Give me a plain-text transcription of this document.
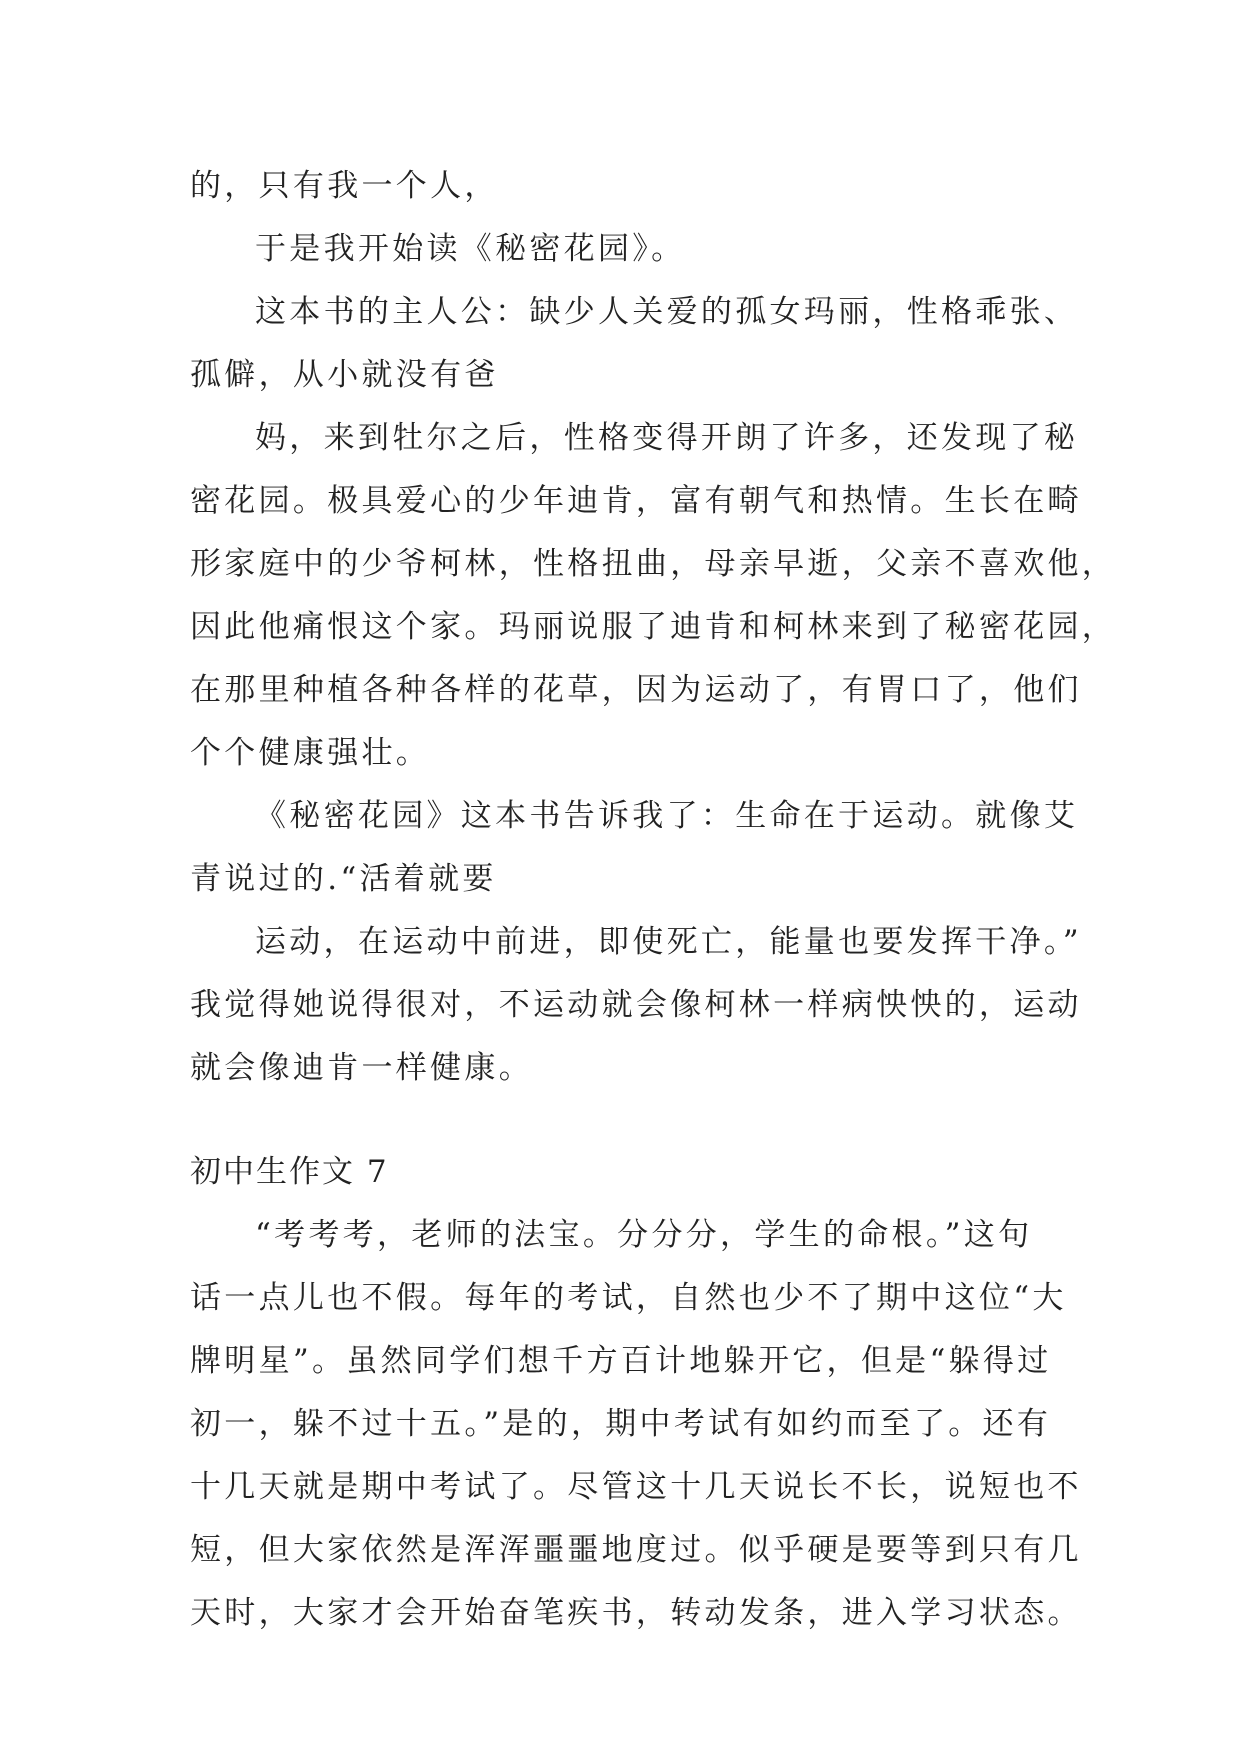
的，只有我一个人，

于是我开始读《秘密花园》。

这本书的主人公：缺少人关爱的孤女玛丽，性格乖张、

孤僻，从小就没有爸

妈，来到牡尔之后，性格变得开朗了许多，还发现了秘

密花园。极具爱心的少年迪肯，富有朝气和热情。生长在畸

形家庭中的少爷柯林，性格扭曲，母亲早逝，父亲不喜欢他，

因此他痛恨这个家。玛丽说服了迪肯和柯林来到了秘密花园，

在那里种植各种各样的花草，因为运动了，有胃口了，他们

个个健康强壮。

《秘密花园》这本书告诉我了：生命在于运动。就像艾

青说过的.“活着就要

运动，在运动中前进，即使死亡，能量也要发挥干净。”

我觉得她说得很对，不运动就会像柯林一样病怏怏的，运动

就会像迪肯一样健康。

初中生作文 7

“考考考，老师的法宝。分分分，学生的命根。”这句

话一点儿也不假。每年的考试，自然也少不了期中这位“大

牌明星”。虽然同学们想千方百计地躲开它，但是“躲得过

初一，躲不过十五。”是的，期中考试有如约而至了。还有

十几天就是期中考试了。尽管这十几天说长不长，说短也不

短，但大家依然是浑浑噩噩地度过。似乎硬是要等到只有几

天时，大家才会开始奋笔疾书，转动发条，进入学习状态。
